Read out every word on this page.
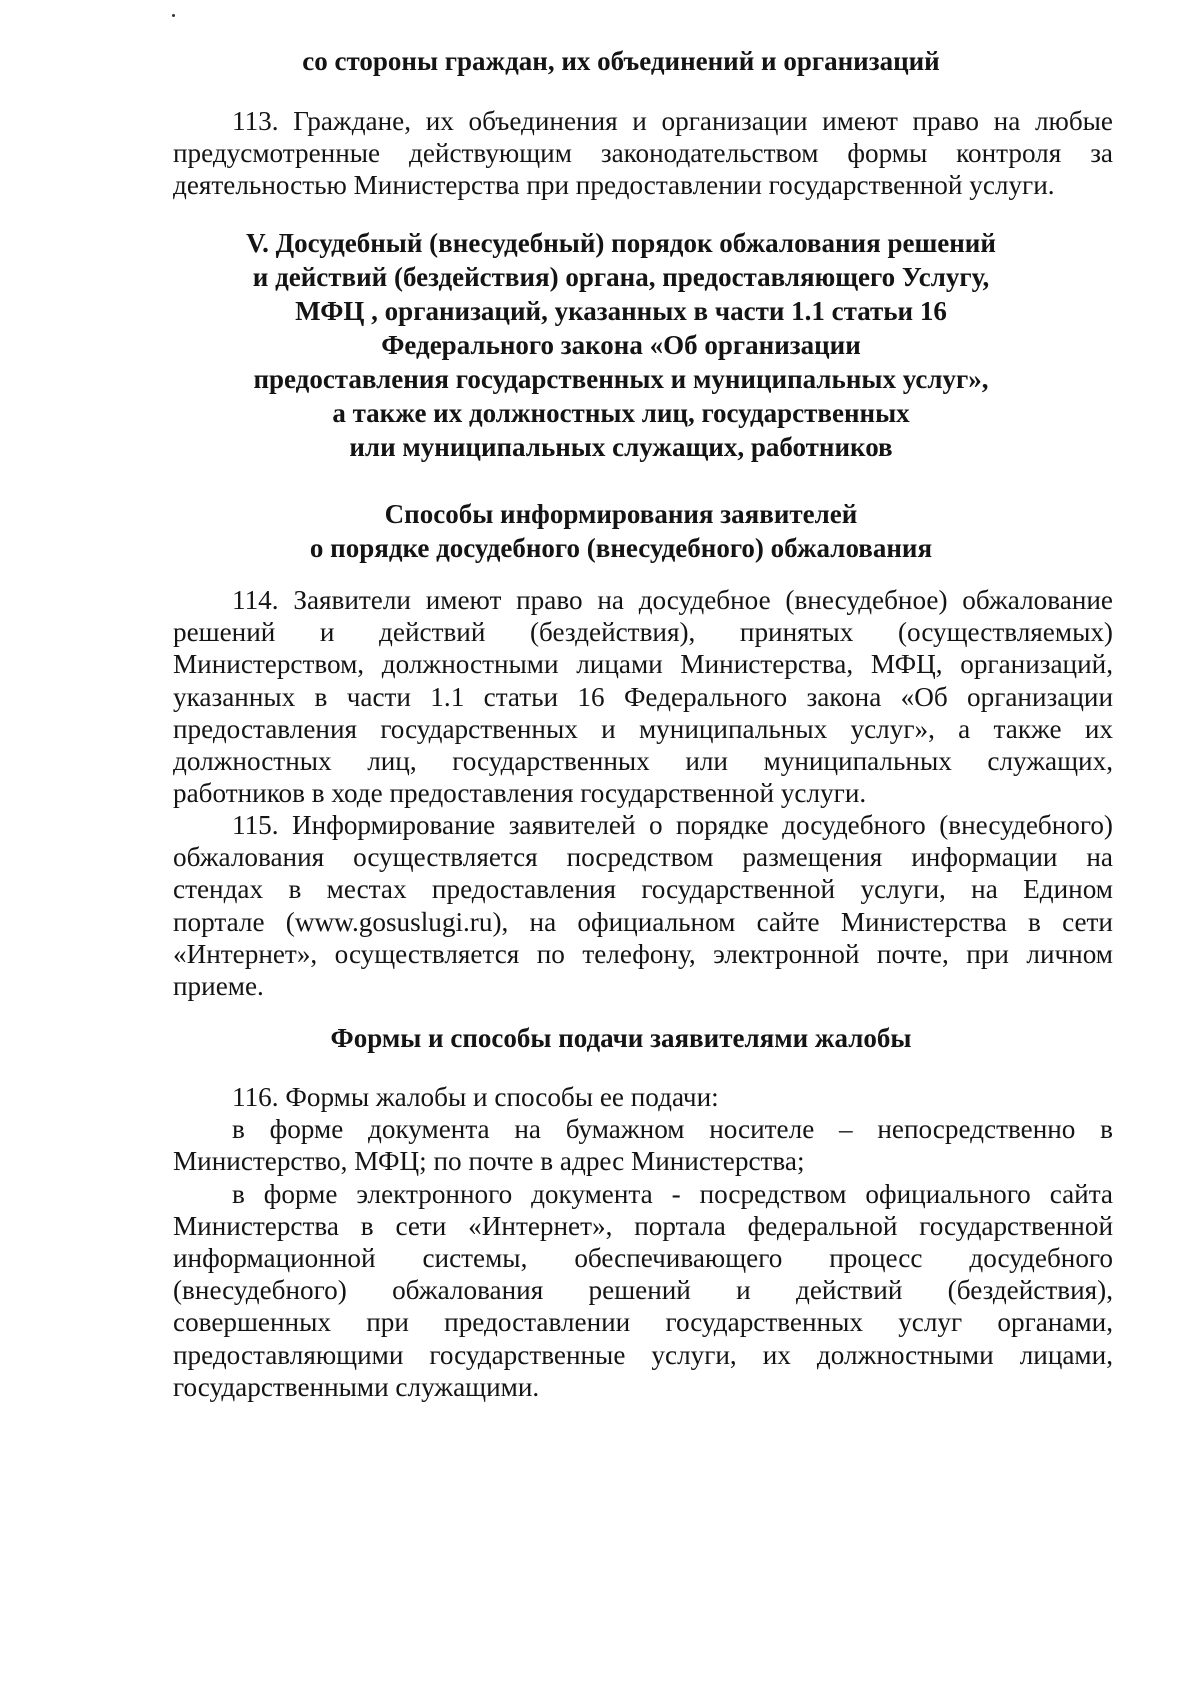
со стороны граждан, их объединений и организаций
113. Граждане, их объединения и организации имеют право на любые
предусмотренные действующим законодательством формы контроля за
деятельностью Министерства при предоставлении государственной услуги.
V. Досудебный (внесудебный) порядок обжалования решений
и действий (бездействия) органа, предоставляющего Услугу,
МФЦ , организаций, указанных в части 1.1 статьи 16
Федерального закона «Об организации
предоставления государственных и муниципальных услуг»,
а также их должностных лиц, государственных
или муниципальных служащих, работников
Способы информирования заявителей
о порядке досудебного (внесудебного) обжалования
114. Заявители имеют право на досудебное (внесудебное) обжалование
решений и действий (бездействия), принятых (осуществляемых)
Министерством, должностными лицами Министерства, МФЦ, организаций,
указанных в части 1.1 статьи 16 Федерального закона «Об организации
предоставления государственных и муниципальных услуг», а также их
должностных лиц, государственных или муниципальных служащих,
работников в ходе предоставления государственной услуги.
115. Информирование заявителей о порядке досудебного (внесудебного)
обжалования осуществляется посредством размещения информации на
стендах в местах предоставления государственной услуги, на Едином
портале (www.gosuslugi.ru), на официальном сайте Министерства в сети
«Интернет», осуществляется по телефону, электронной почте, при личном
приеме.
Формы и способы подачи заявителями жалобы
116. Формы жалобы и способы ее подачи:
в форме документа на бумажном носителе – непосредственно в
Министерство, МФЦ; по почте в адрес Министерства;
в форме электронного документа - посредством официального сайта
Министерства в сети «Интернет», портала федеральной государственной
информационной системы, обеспечивающего процесс досудебного
(внесудебного) обжалования решений и действий (бездействия),
совершенных при предоставлении государственных услуг органами,
предоставляющими государственные услуги, их должностными лицами,
государственными служащими.
